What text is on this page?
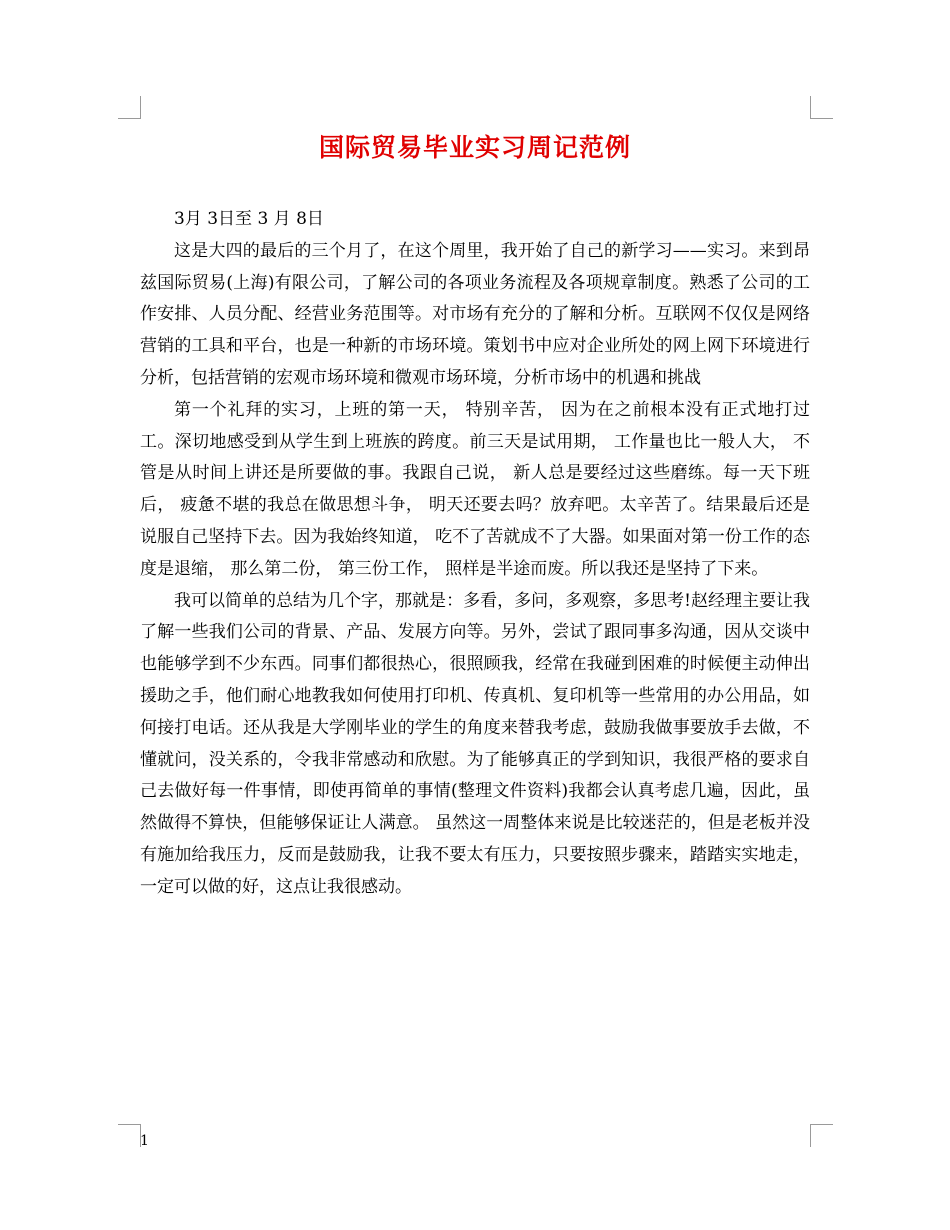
国际贸易毕业实习周记范例

3月 3日至 3 月 8日

这是大四的最后的三个月了，在这个周里，我开始了自己的新学习——实习。来到昂兹国际贸易(上海)有限公司，了解公司的各项业务流程及各项规章制度。熟悉了公司的工作安排、人员分配、经营业务范围等。对市场有充分的了解和分析。互联网不仅仅是网络营销的工具和平台，也是一种新的市场环境。策划书中应对企业所处的网上网下环境进行分析，包括营销的宏观市场环境和微观市场环境，分析市场中的机遇和挑战

第一个礼拜的实习，上班的第一天， 特别辛苦， 因为在之前根本没有正式地打过工。深切地感受到从学生到上班族的跨度。前三天是试用期， 工作量也比一般人大， 不管是从时间上讲还是所要做的事。我跟自己说， 新人总是要经过这些磨练。每一天下班后， 疲惫不堪的我总在做思想斗争， 明天还要去吗？放弃吧。太辛苦了。结果最后还是说服自己坚持下去。因为我始终知道， 吃不了苦就成不了大器。如果面对第一份工作的态度是退缩， 那么第二份， 第三份工作， 照样是半途而废。所以我还是坚持了下来。

我可以简单的总结为几个字，那就是：多看，多问，多观察，多思考!赵经理主要让我了解一些我们公司的背景、产品、发展方向等。另外，尝试了跟同事多沟通，因从交谈中也能够学到不少东西。同事们都很热心，很照顾我，经常在我碰到困难的时候便主动伸出援助之手，他们耐心地教我如何使用打印机、传真机、复印机等一些常用的办公用品，如何接打电话。还从我是大学刚毕业的学生的角度来替我考虑，鼓励我做事要放手去做，不懂就问，没关系的，令我非常感动和欣慰。为了能够真正的学到知识，我很严格的要求自己去做好每一件事情，即使再简单的事情(整理文件资料)我都会认真考虑几遍，因此，虽然做得不算快，但能够保证让人满意。 虽然这一周整体来说是比较迷茫的，但是老板并没有施加给我压力，反而是鼓励我，让我不要太有压力，只要按照步骤来，踏踏实实地走，一定可以做的好，这点让我很感动。

1
